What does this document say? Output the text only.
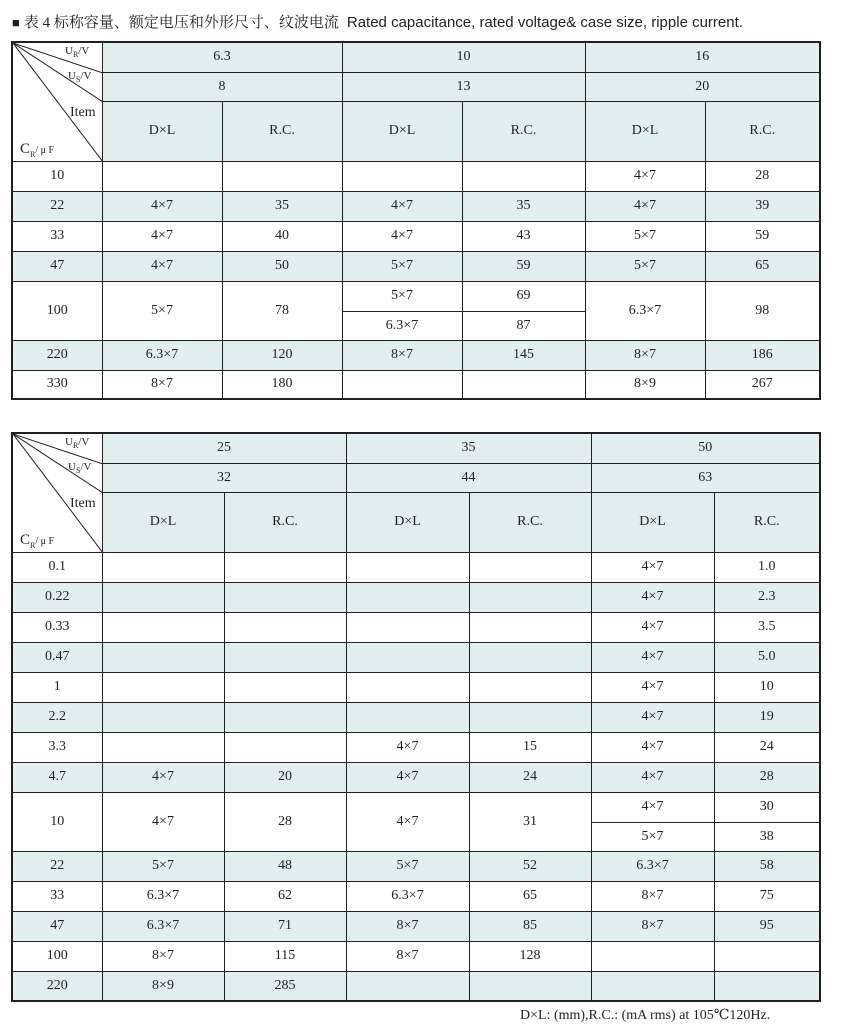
■ 表 4 标称容量、额定电压和外形尺寸、纹波电流 Rated capacitance, rated voltage& case size, ripple current.
$U_R/V$
$U_S/V$
Item
$C_R/$ μ F	6.3		10		16	
	8		13		20	
	D×L	R.C.	D×L	R.C.	D×L	R.C.
10					4×7	28
22	4×7	35	4×7	35	4×7	39
33	4×7	40	4×7	43	5×7	59
47	4×7	50	5×7	59	5×7	65
100	5×7	78	5×7	69	6.3×7	98
			6.3×7	87		
220	6.3×7	120	8×7	145	8×7	186
330	8×7	180			8×9	267
$U_R/V$
$U_S/V$
Item
$C_R/$ μ F	25		35		50	
	32		44		63	
	D×L	R.C.	D×L	R.C.	D×L	R.C.
0.1					4×7	1.0
0.22					4×7	2.3
0.33					4×7	3.5
0.47					4×7	5.0
1					4×7	10
2.2					4×7	19
3.3			4×7	15	4×7	24
4.7	4×7	20	4×7	24	4×7	28
10	4×7	28	4×7	31	4×7	30
					5×7	38
22	5×7	48	5×7	52	6.3×7	58
33	6.3×7	62	6.3×7	65	8×7	75
47	6.3×7	71	8×7	85	8×7	95
100	8×7	115	8×7	128		
220	8×9	285				
D×L: (mm),R.C.: (mA rms) at 105℃120Hz.
